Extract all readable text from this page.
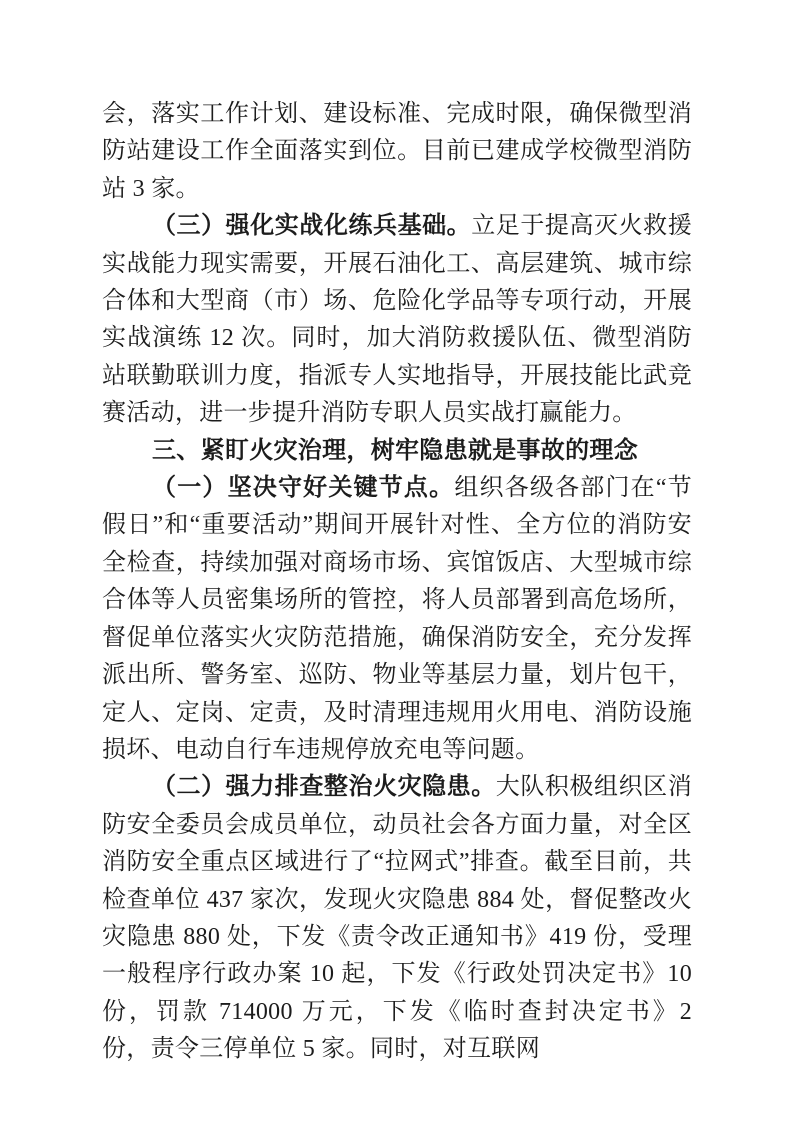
会，落实工作计划、建设标准、完成时限，确保微型消防站建设工作全面落实到位。目前已建成学校微型消防站 3 家。

（三）强化实战化练兵基础。立足于提高灭火救援实战能力现实需要，开展石油化工、高层建筑、城市综合体和大型商（市）场、危险化学品等专项行动，开展实战演练 12 次。同时，加大消防救援队伍、微型消防站联勤联训力度，指派专人实地指导，开展技能比武竞赛活动，进一步提升消防专职人员实战打赢能力。

三、紧盯火灾治理，树牢隐患就是事故的理念

（一）坚决守好关键节点。组织各级各部门在“节假日”和“重要活动”期间开展针对性、全方位的消防安全检查，持续加强对商场市场、宾馆饭店、大型城市综合体等人员密集场所的管控，将人员部署到高危场所，督促单位落实火灾防范措施，确保消防安全，充分发挥派出所、警务室、巡防、物业等基层力量，划片包干，定人、定岗、定责，及时清理违规用火用电、消防设施损坏、电动自行车违规停放充电等问题。

（二）强力排查整治火灾隐患。大队积极组织区消防安全委员会成员单位，动员社会各方面力量，对全区消防安全重点区域进行了“拉网式”排查。截至目前，共检查单位 437 家次，发现火灾隐患 884 处，督促整改火灾隐患 880 处，下发《责令改正通知书》419 份，受理一般程序行政办案 10 起，下发《行政处罚决定书》10 份，罚款 714000 万元，下发《临时查封决定书》2 份，责令三停单位 5 家。同时，对互联网
